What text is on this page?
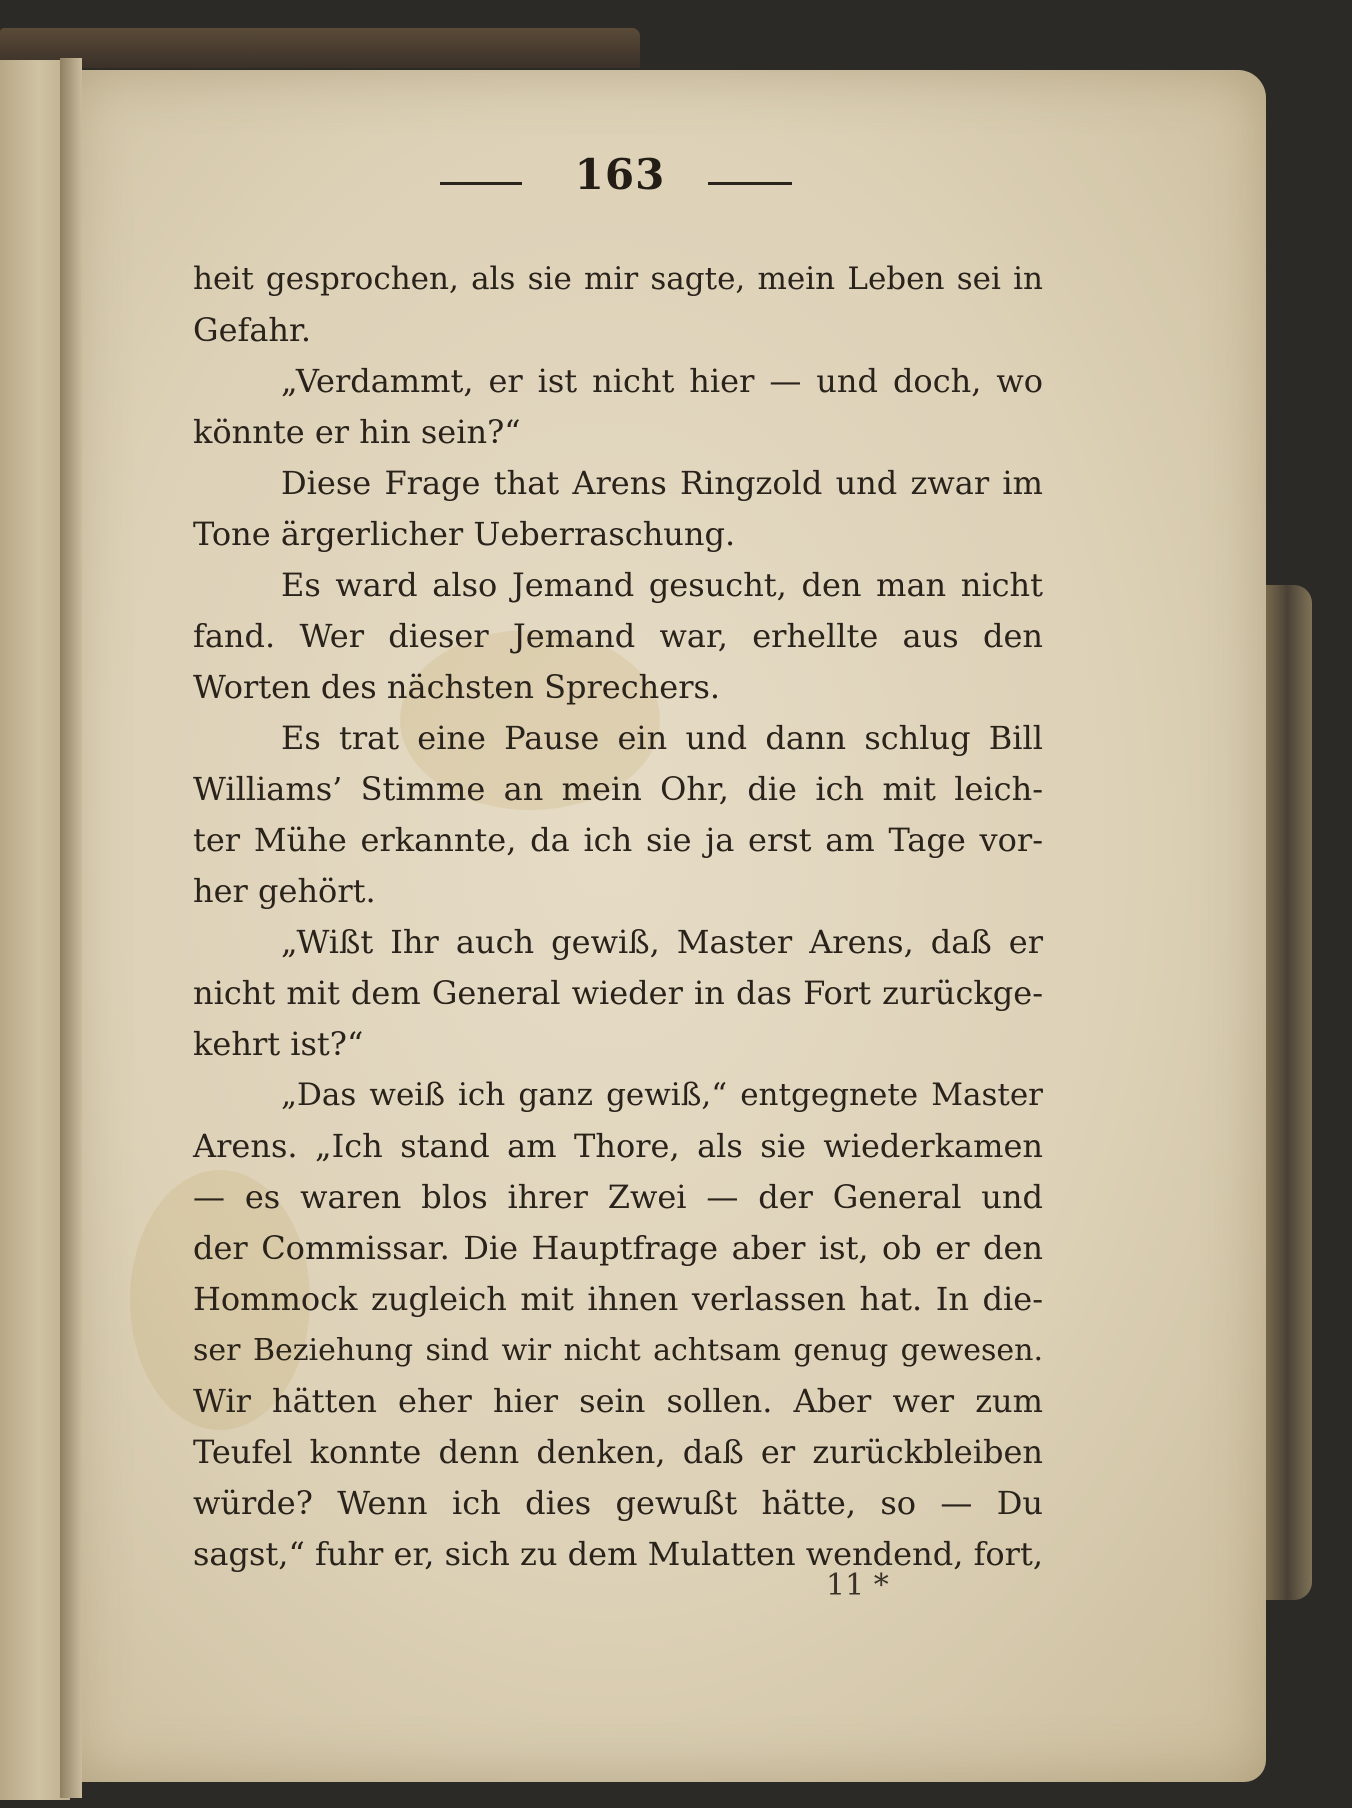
163
heit gesprochen, als sie mir sagte, mein Leben sei in
Gefahr.
„Verdammt, er ist nicht hier — und doch, wo
könnte er hin sein?“
Diese Frage that Arens Ringzold und zwar im
Tone ärgerlicher Ueberraschung.
Es ward also Jemand gesucht, den man nicht
fand. Wer dieser Jemand war, erhellte aus den
Worten des nächsten Sprechers.
Es trat eine Pause ein und dann schlug Bill
Williams’ Stimme an mein Ohr, die ich mit leich-
ter Mühe erkannte, da ich sie ja erst am Tage vor-
her gehört.
„Wißt Ihr auch gewiß, Master Arens, daß er
nicht mit dem General wieder in das Fort zurückge-
kehrt ist?“
„Das weiß ich ganz gewiß,“ entgegnete Master
Arens. „Ich stand am Thore, als sie wiederkamen
— es waren blos ihrer Zwei — der General und
der Commissar. Die Hauptfrage aber ist, ob er den
Hommock zugleich mit ihnen verlassen hat. In die-
ser Beziehung sind wir nicht achtsam genug gewesen.
Wir hätten eher hier sein sollen. Aber wer zum
Teufel konnte denn denken, daß er zurückbleiben
würde? Wenn ich dies gewußt hätte, so — Du
sagst,“ fuhr er, sich zu dem Mulatten wendend, fort,
11 *
